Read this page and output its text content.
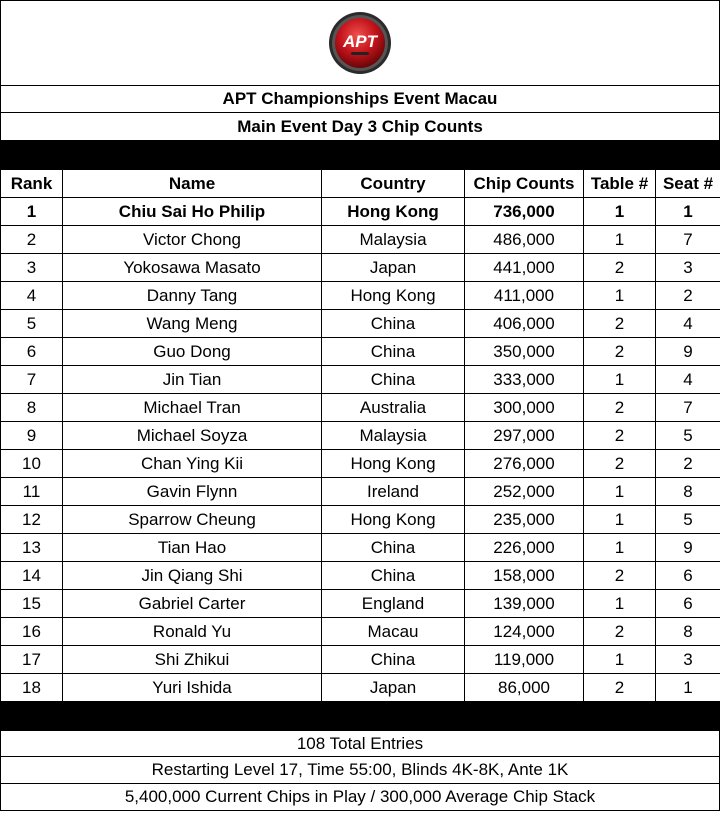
APT
APT Championships Event Macau
Main Event Day 3 Chip Counts
Rank	Name	Country	Chip Counts	Table #	Seat #
1	Chiu Sai Ho Philip	Hong Kong	736,000	1	1
2	Victor Chong	Malaysia	486,000	1	7
3	Yokosawa Masato	Japan	441,000	2	3
4	Danny Tang	Hong Kong	411,000	1	2
5	Wang Meng	China	406,000	2	4
6	Guo Dong	China	350,000	2	9
7	Jin Tian	China	333,000	1	4
8	Michael Tran	Australia	300,000	2	7
9	Michael Soyza	Malaysia	297,000	2	5
10	Chan Ying Kii	Hong Kong	276,000	2	2
11	Gavin Flynn	Ireland	252,000	1	8
12	Sparrow Cheung	Hong Kong	235,000	1	5
13	Tian Hao	China	226,000	1	9
14	Jin Qiang Shi	China	158,000	2	6
15	Gabriel Carter	England	139,000	1	6
16	Ronald Yu	Macau	124,000	2	8
17	Shi Zhikui	China	119,000	1	3
18	Yuri Ishida	Japan	86,000	2	1
108 Total Entries
Restarting Level 17, Time 55:00, Blinds 4K-8K, Ante 1K
5,400,000 Current Chips in Play / 300,000 Average Chip Stack
